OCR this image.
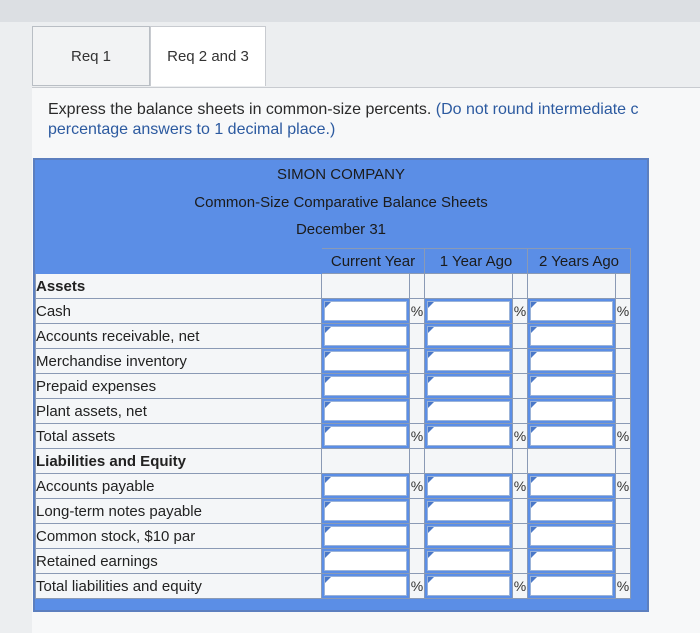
Req 1	Req 2 and 3
Express the balance sheets in common-size percents. (Do not round intermediate c
percentage answers to 1 decimal place.)
SIMON COMPANY
Common-Size Comparative Balance Sheets
December 31
	Current Year		1 Year Ago		2 Years Ago	
Assets						
Cash		%		%		%
Accounts receivable, net	

Merchandise inventory	

Prepaid expenses	

Plant assets, net	

Total assets		%		%		%
Liabilities and Equity						
Accounts payable		%		%		%
Long-term notes payable	

Common stock, $10 par	

Retained earnings	

Total liabilities and equity		%		%		%
